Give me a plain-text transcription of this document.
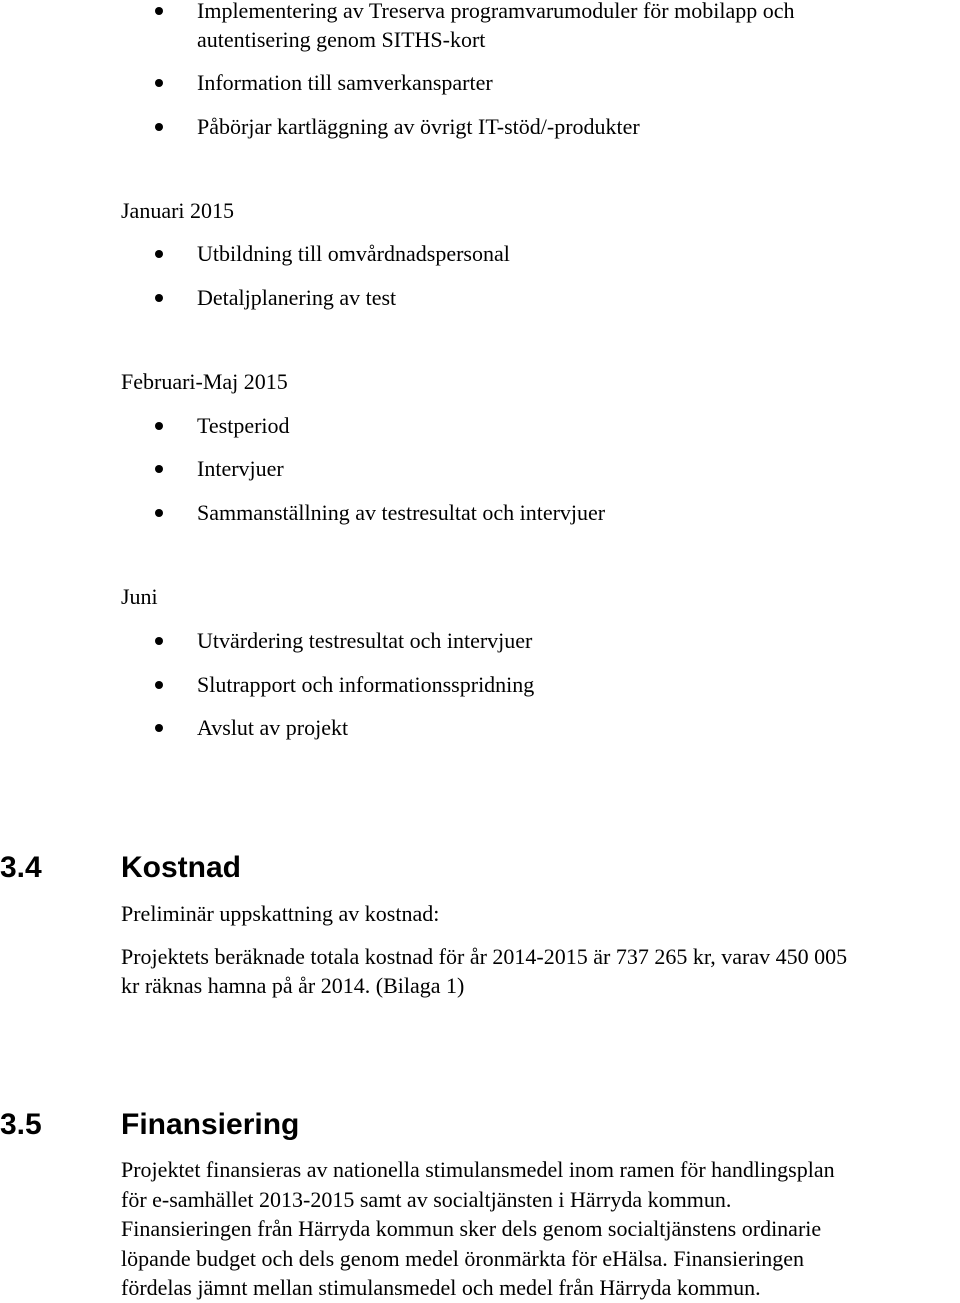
Implementering av Treserva programvarumoduler för mobilapp och
autentisering genom SITHS-kort
Information till samverkansparter
Påbörjar kartläggning av övrigt IT-stöd/-produkter
Januari 2015
Utbildning till omvårdnadspersonal
Detaljplanering av test
Februari-Maj 2015
Testperiod
Intervjuer
Sammanställning av testresultat och intervjuer
Juni
Utvärdering testresultat och intervjuer
Slutrapport och informationsspridning
Avslut av projekt
3.4	Kostnad
Preliminär uppskattning av kostnad:
Projektets beräknade totala kostnad för år 2014-2015 är 737 265 kr, varav 450 005
kr räknas hamna på år 2014. (Bilaga 1)
3.5	Finansiering
Projektet finansieras av nationella stimulansmedel inom ramen för handlingsplan
för e-samhället 2013-2015 samt av socialtjänsten i Härryda kommun.
Finansieringen från Härryda kommun sker dels genom socialtjänstens ordinarie
löpande budget och dels genom medel öronmärkta för eHälsa. Finansieringen
fördelas jämnt mellan stimulansmedel och medel från Härryda kommun.
